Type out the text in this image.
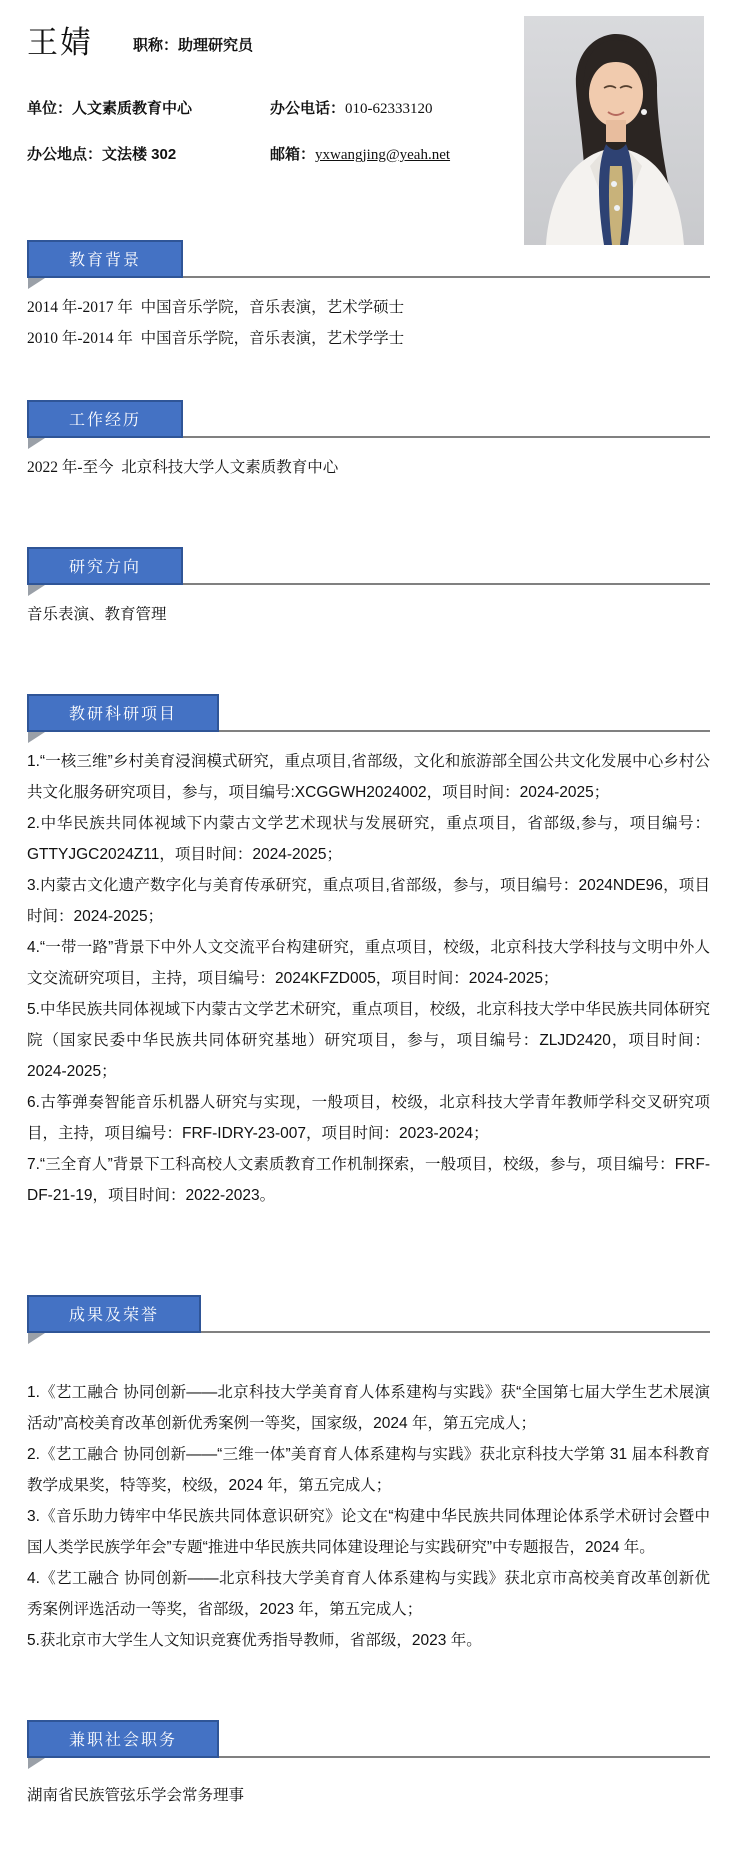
王婧	职称：助理研究员
单位：人文素质教育中心	办公电话：010-62333120
办公地点：文法楼 302	邮箱：yxwangjing@yeah.net
教育背景

2014 年-2017 年  中国音乐学院，音乐表演，艺术学硕士

2010 年-2014 年  中国音乐学院，音乐表演，艺术学学士

工作经历

2022 年-至今  北京科技大学人文素质教育中心

研究方向

音乐表演、教育管理

教研科研项目

1.“一核三维”乡村美育浸润模式研究，重点项目,省部级，文化和旅游部全国公共文化发展中心乡村公共文化服务研究项目，参与，项目编号:XCGGWH2024002，项目时间：2024-2025；

2.中华民族共同体视域下内蒙古文学艺术现状与发展研究，重点项目，省部级,参与，项目编号：GTTYJGC2024Z11，项目时间：2024-2025；

3.内蒙古文化遗产数字化与美育传承研究，重点项目,省部级，参与，项目编号：2024NDE96，项目时间：2024-2025；

4.“一带一路”背景下中外人文交流平台构建研究，重点项目，校级，北京科技大学科技与文明中外人文交流研究项目，主持，项目编号：2024KFZD005，项目时间：2024-2025；

5.中华民族共同体视域下内蒙古文学艺术研究，重点项目，校级，北京科技大学中华民族共同体研究院（国家民委中华民族共同体研究基地）研究项目，参与，项目编号：ZLJD2420，项目时间：2024-2025；

6.古筝弹奏智能音乐机器人研究与实现，一般项目，校级，北京科技大学青年教师学科交叉研究项目，主持，项目编号：FRF-IDRY-23-007，项目时间：2023-2024；

7.“三全育人”背景下工科高校人文素质教育工作机制探索，一般项目，校级，参与，项目编号：FRF-DF-21-19，项目时间：2022-2023。

成果及荣誉

1.《艺工融合 协同创新——北京科技大学美育育人体系建构与实践》获“全国第七届大学生艺术展演活动”高校美育改革创新优秀案例一等奖，国家级，2024 年，第五完成人；

2.《艺工融合 协同创新——“三维一体”美育育人体系建构与实践》获北京科技大学第 31 届本科教育教学成果奖，特等奖，校级，2024 年，第五完成人；

3.《音乐助力铸牢中华民族共同体意识研究》论文在“构建中华民族共同体理论体系学术研讨会暨中国人类学民族学年会”专题“推进中华民族共同体建设理论与实践研究”中专题报告，2024 年。

4.《艺工融合 协同创新——北京科技大学美育育人体系建构与实践》获北京市高校美育改革创新优秀案例评选活动一等奖，省部级，2023 年，第五完成人；

5.获北京市大学生人文知识竞赛优秀指导教师，省部级，2023 年。

兼职社会职务

湖南省民族管弦乐学会常务理事
